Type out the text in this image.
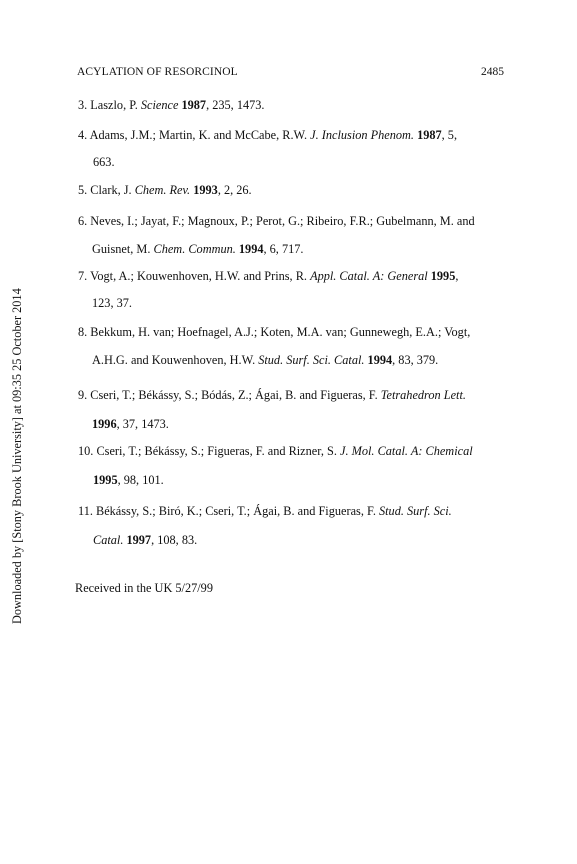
ACYLATION OF RESORCINOL	2485
3. Laszlo, P. Science 1987, 235, 1473.
4. Adams, J.M.; Martin, K. and McCabe, R.W. J. Inclusion Phenom. 1987, 5,
663.
5. Clark, J. Chem. Rev. 1993, 2, 26.
6. Neves, I.; Jayat, F.; Magnoux, P.; Perot, G.; Ribeiro, F.R.; Gubelmann, M. and
Guisnet, M. Chem. Commun. 1994, 6, 717.
7. Vogt, A.; Kouwenhoven, H.W. and Prins, R. Appl. Catal. A: General 1995,
123, 37.
8. Bekkum, H. van; Hoefnagel, A.J.; Koten, M.A. van; Gunnewegh, E.A.; Vogt,
A.H.G. and Kouwenhoven, H.W. Stud. Surf. Sci. Catal. 1994, 83, 379.
9. Cseri, T.; Békássy, S.; Bódás, Z.; Ágai, B. and Figueras, F. Tetrahedron Lett.
1996, 37, 1473.
10. Cseri, T.; Békássy, S.; Figueras, F. and Rizner, S. J. Mol. Catal. A: Chemical
1995, 98, 101.
11. Békássy, S.; Biró, K.; Cseri, T.; Ágai, B. and Figueras, F. Stud. Surf. Sci.
Catal. 1997, 108, 83.
Received in the UK 5/27/99
Downloaded by [Stony Brook University] at 09:35 25 October 2014
